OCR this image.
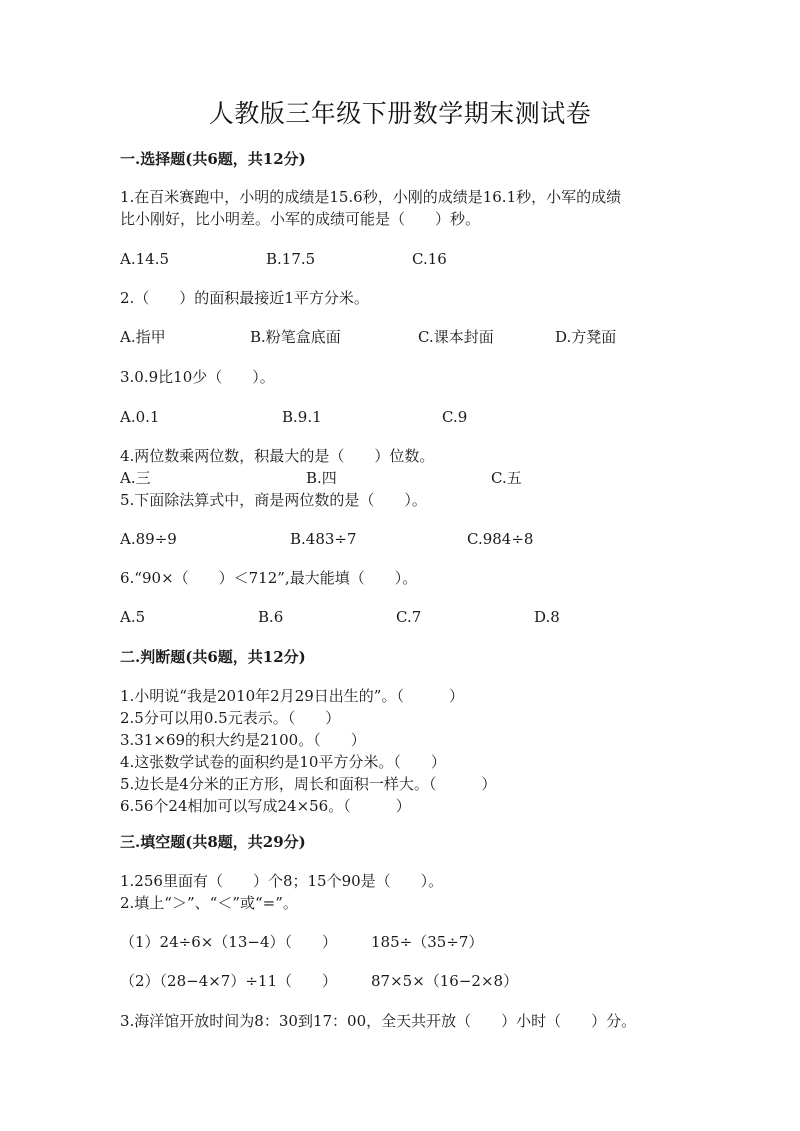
人教版三年级下册数学期末测试卷
一.选择题(共6题，共12分)
1.在百米赛跑中，小明的成绩是15.6秒，小刚的成绩是16.1秒，小军的成绩
比小刚好，比小明差。小军的成绩可能是（　　）秒。
A.14.5	B.17.5	C.16
2.（　　）的面积最接近1平方分米。
A.指甲	B.粉笔盒底面	C.课本封面	D.方凳面
3.0.9比10少（　　）。
A.0.1	B.9.1	C.9
4.两位数乘两位数，积最大的是（　　）位数。
A.三	B.四	C.五
5.下面除法算式中，商是两位数的是（　　）。
A.89÷9	B.483÷7	C.984÷8
6.“90×（　　）＜712”,最大能填（　　）。
A.5	B.6	C.7	D.8
二.判断题(共6题，共12分)
1.小明说“我是2010年2月29日出生的”。（　　　）
2.5分可以用0.5元表示。（　　）
3.31×69的积大约是2100。（　　）
4.这张数学试卷的面积约是10平方分米。（　　）
5.边长是4分米的正方形，周长和面积一样大。（　　　）
6.56个24相加可以写成24×56。（　　　）
三.填空题(共8题，共29分)
1.256里面有（　　）个8；15个90是（　　）。
2.填上“＞”、“＜”或“=”。
（1）24÷6×（13−4）（　　） 185÷（35÷7）
（2）（28−4×7）÷11（　　） 87×5×（16−2×8）
3.海洋馆开放时间为8：30到17：00，全天共开放（　　）小时（　　）分。
